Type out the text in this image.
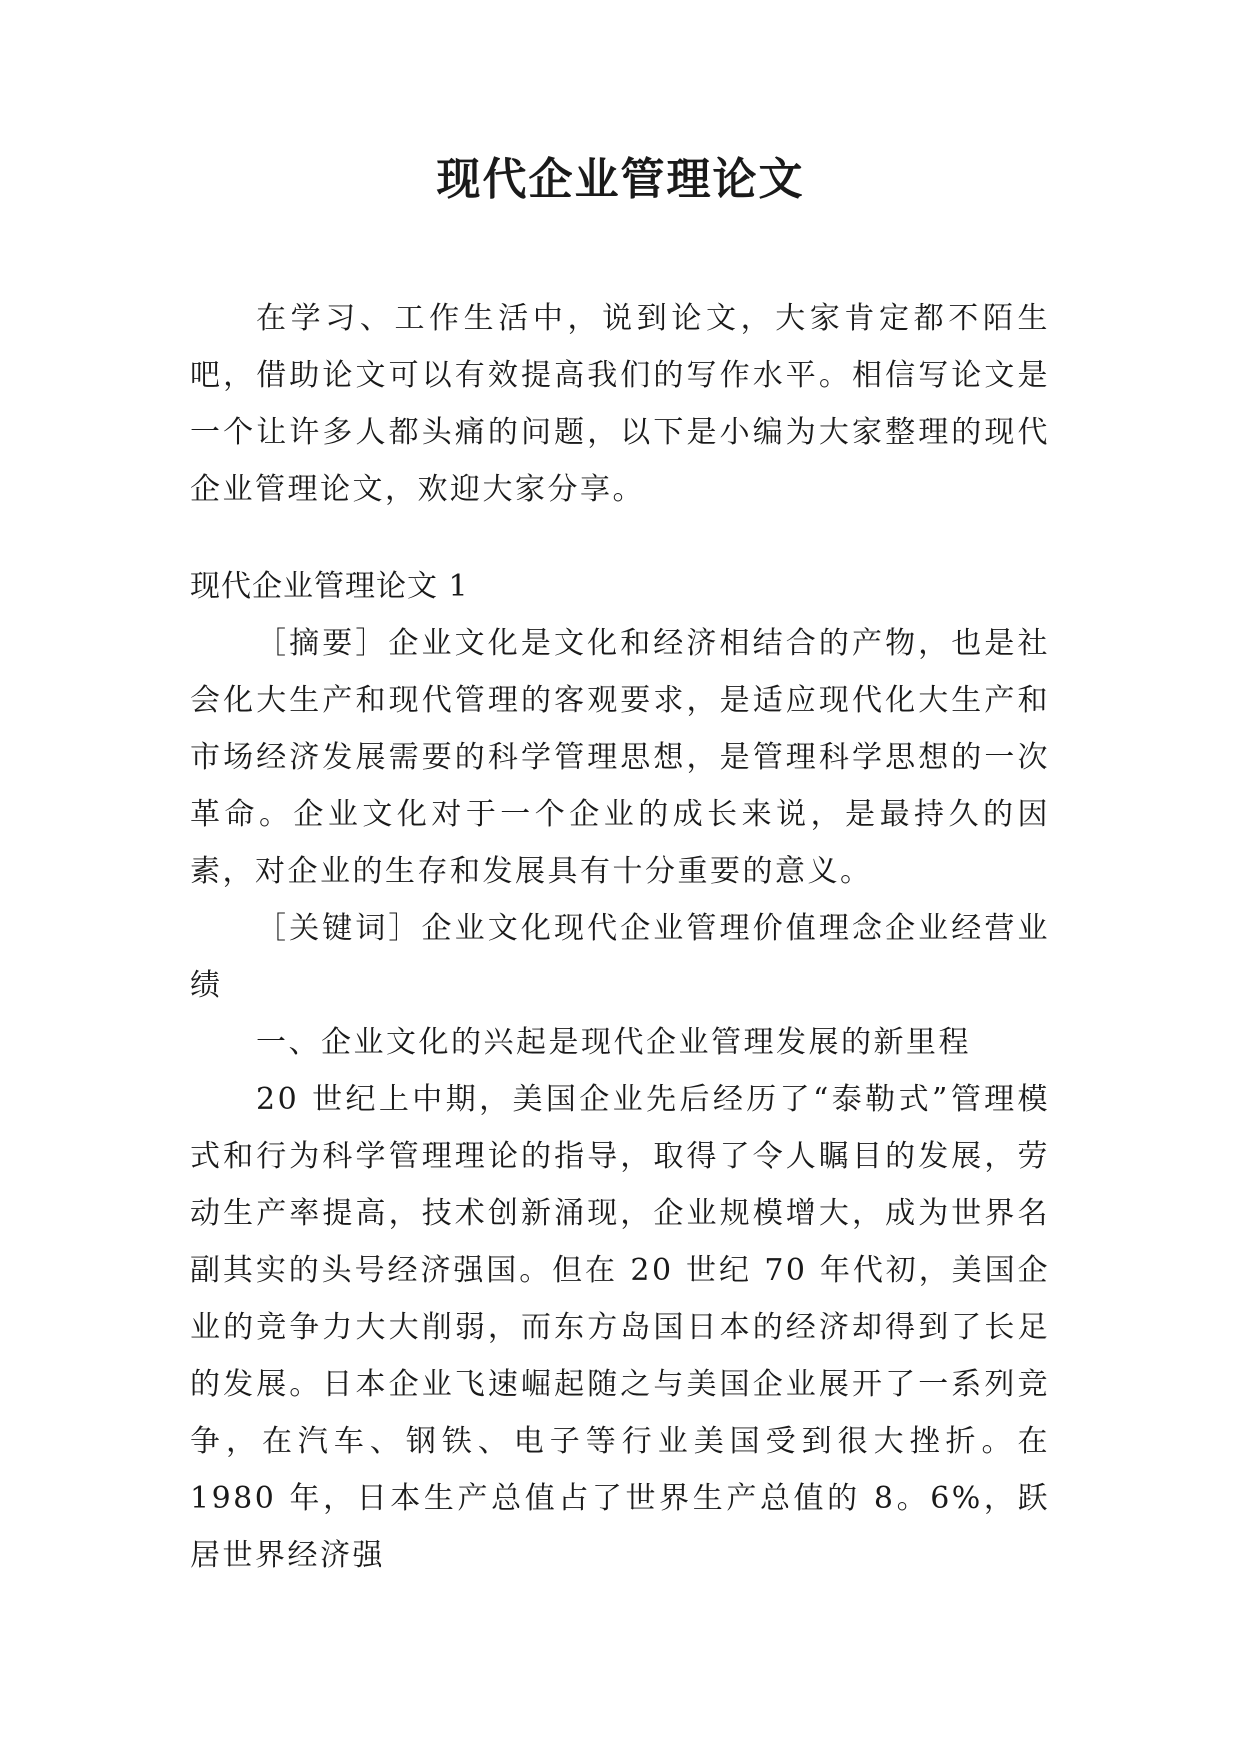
现代企业管理论文

在学习、工作生活中，说到论文，大家肯定都不陌生吧，借助论文可以有效提高我们的写作水平。相信写论文是一个让许多人都头痛的问题，以下是小编为大家整理的现代企业管理论文，欢迎大家分享。

现代企业管理论文 1

［摘要］企业文化是文化和经济相结合的产物，也是社会化大生产和现代管理的客观要求，是适应现代化大生产和市场经济发展需要的科学管理思想，是管理科学思想的一次革命。企业文化对于一个企业的成长来说，是最持久的因素，对企业的生存和发展具有十分重要的意义。

［关键词］企业文化现代企业管理价值理念企业经营业绩

一、企业文化的兴起是现代企业管理发展的新里程

20 世纪上中期，美国企业先后经历了“泰勒式”管理模式和行为科学管理理论的指导，取得了令人瞩目的发展，劳动生产率提高，技术创新涌现，企业规模增大，成为世界名副其实的头号经济强国。但在 20 世纪 70 年代初，美国企业的竞争力大大削弱，而东方岛国日本的经济却得到了长足的发展。日本企业飞速崛起随之与美国企业展开了一系列竞争，在汽车、钢铁、电子等行业美国受到很大挫折。在 1980 年，日本生产总值占了世界生产总值的 8。6%，跃居世界经济强
